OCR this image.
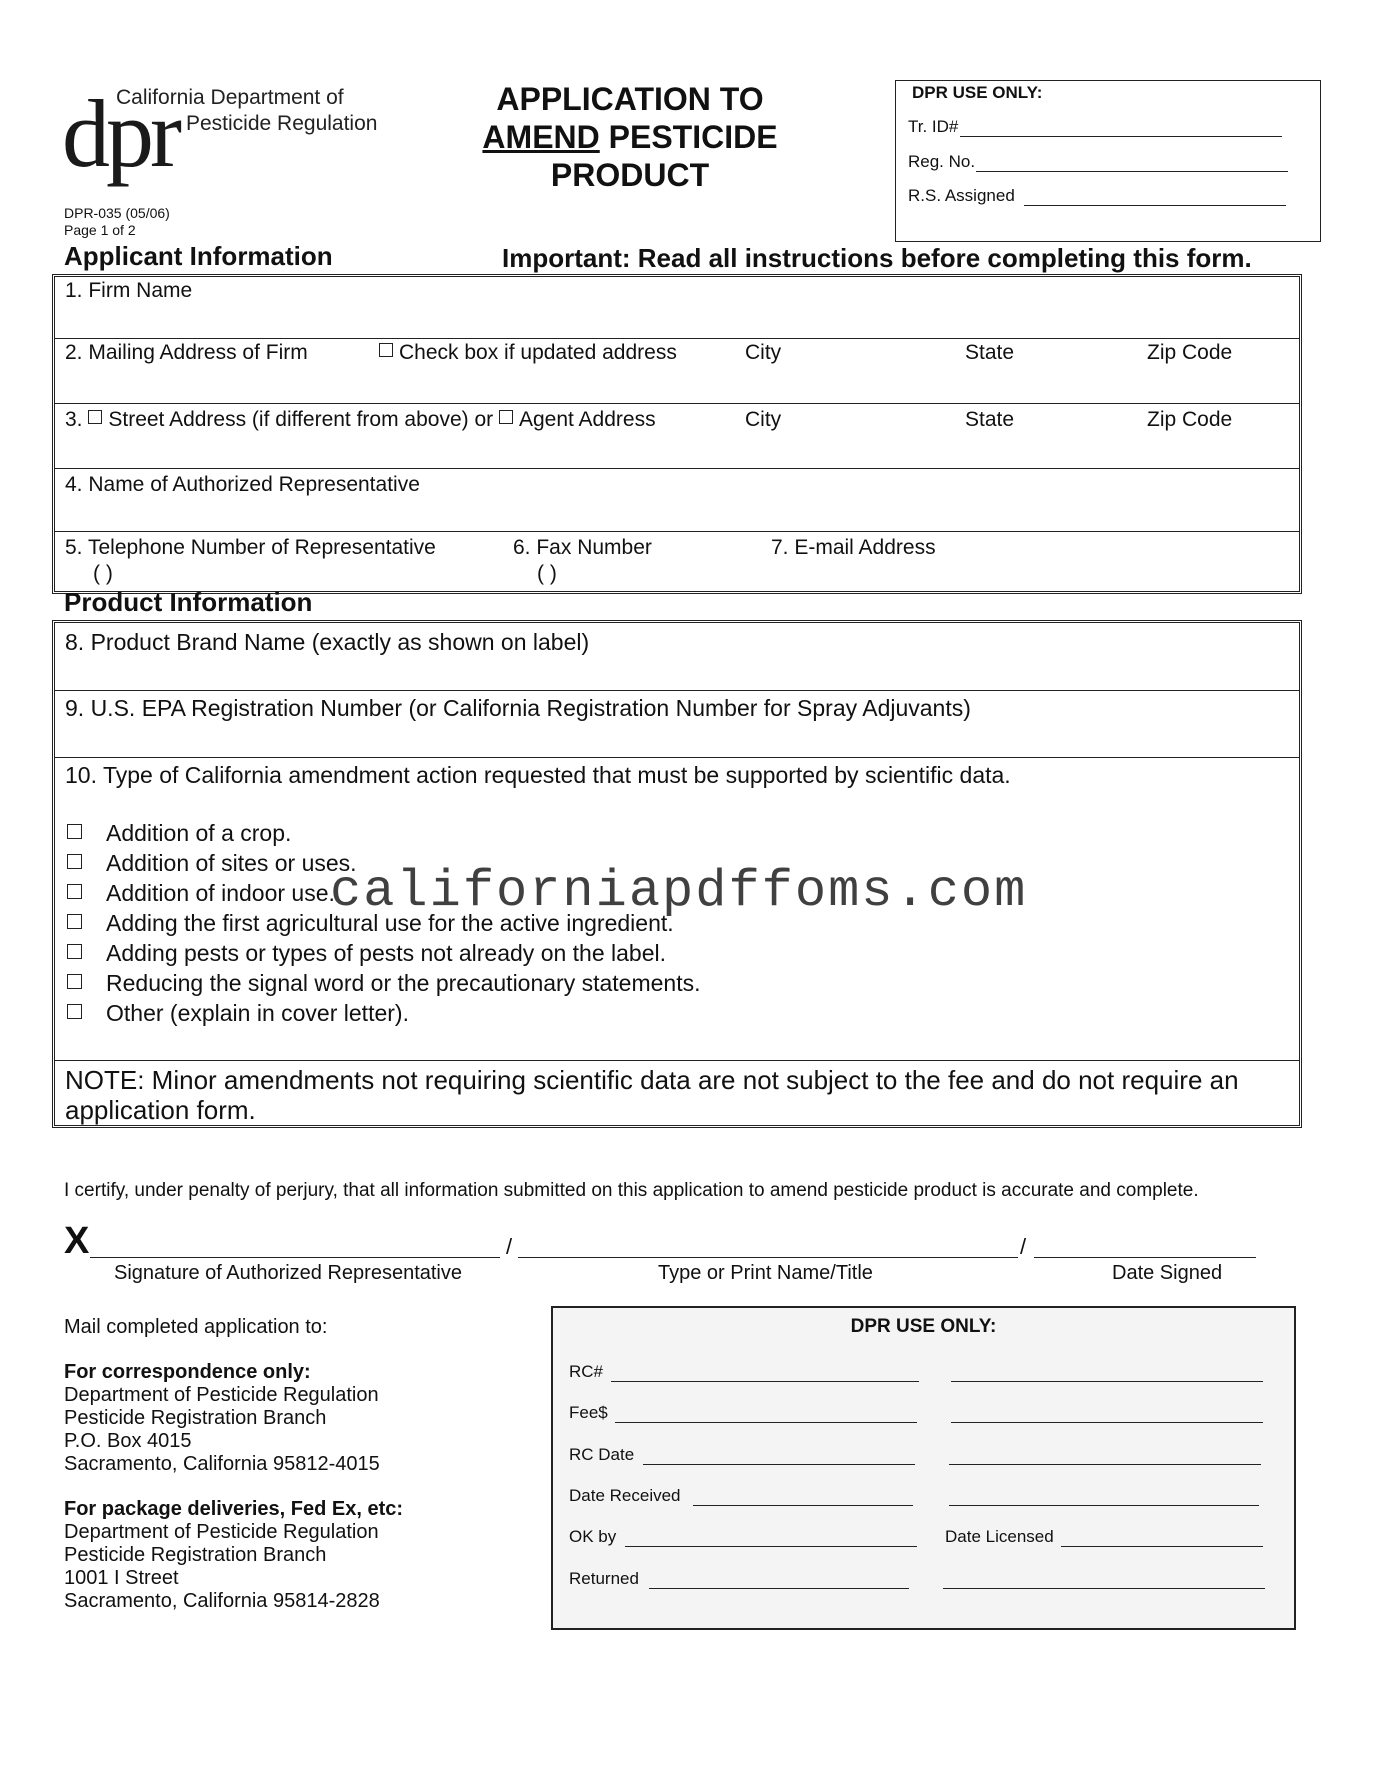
dpr
California Department of
Pesticide Regulation
DPR-035 (05/06)
Page 1 of 2
APPLICATION TO
AMEND PESTICIDE PRODUCT
DPR USE ONLY:
Tr. ID#
Reg. No.
R.S. Assigned
Applicant Information	Important: Read all instructions before completing this form.
1. Firm Name
2. Mailing Address of Firm	Check box if updated address	City	State	Zip Code
3. Street Address (if different from above) or Agent Address	City	State	Zip Code
4. Name of Authorized Representative
5. Telephone Number of Representative
( )
6. Fax Number
( )
7. E-mail Address
Product Information
8. Product Brand Name (exactly as shown on label)
9. U.S. EPA Registration Number (or California Registration Number for Spray Adjuvants)
10. Type of California amendment action requested that must be supported by scientific data.
Addition of a crop.
Addition of sites or uses.
Addition of indoor use.
Adding the first agricultural use for the active ingredient.
Adding pests or types of pests not already on the label.
Reducing the signal word or the precautionary statements.
Other (explain in cover letter).
NOTE: Minor amendments not requiring scientific data are not subject to the fee and do not require an
application form.
californiapdffoms.com
I certify, under penalty of perjury, that all information submitted on this application to amend pesticide product is accurate and complete.
X	/	/
Signature of Authorized Representative	Type or Print Name/Title	Date Signed
Mail completed application to:
For correspondence only:
Department of Pesticide Regulation
Pesticide Registration Branch
P.O. Box 4015
Sacramento, California 95812-4015
For package deliveries, Fed Ex, etc:
Department of Pesticide Regulation
Pesticide Registration Branch
1001 I Street
Sacramento, California 95814-2828
DPR USE ONLY:
RC#
Fee$
RC Date
Date Received
OK by	Date Licensed
Returned
